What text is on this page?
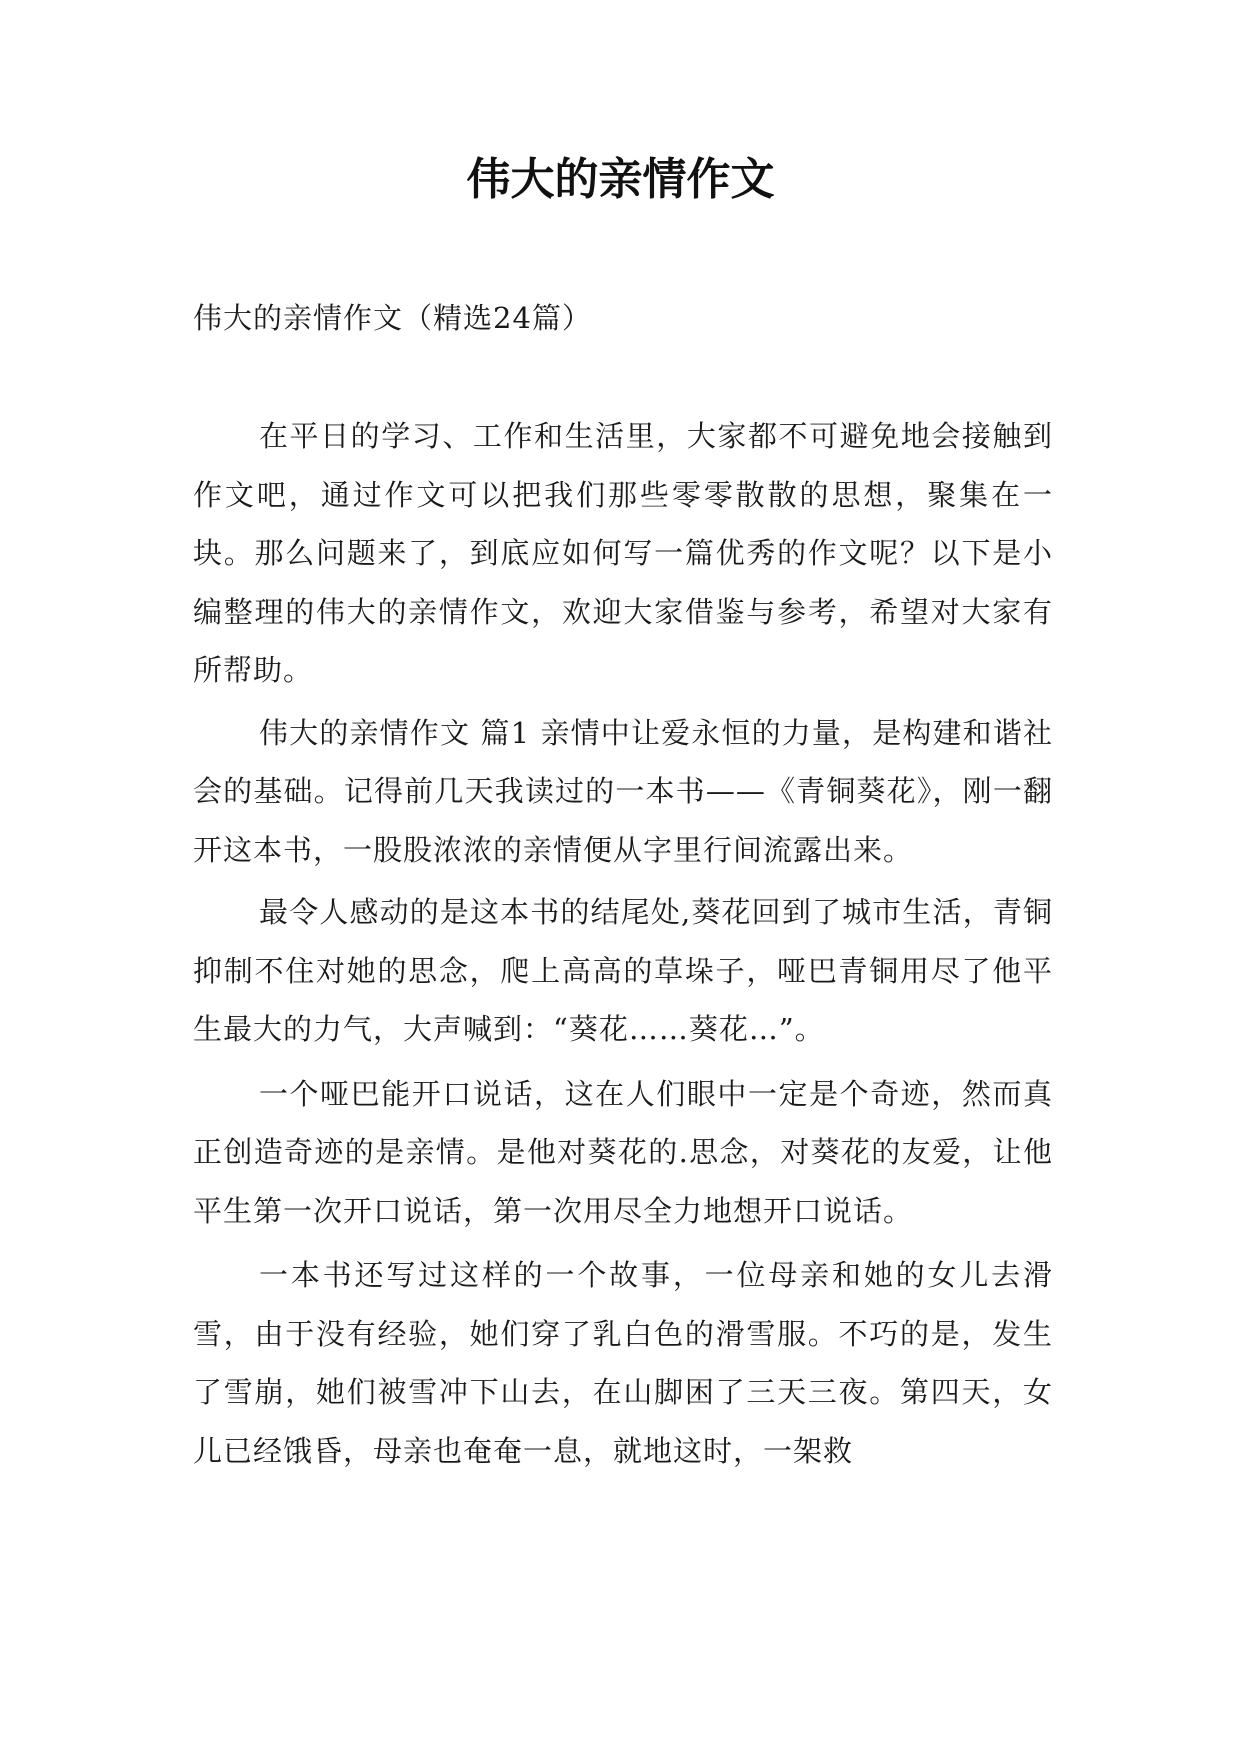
伟大的亲情作文
伟大的亲情作文（精选24篇）

在平日的学习、工作和生活里，大家都不可避免地会接触到作文吧，通过作文可以把我们那些零零散散的思想，聚集在一块。那么问题来了，到底应如何写一篇优秀的作文呢？以下是小编整理的伟大的亲情作文，欢迎大家借鉴与参考，希望对大家有所帮助。

伟大的亲情作文 篇1 亲情中让爱永恒的力量，是构建和谐社会的基础。记得前几天我读过的一本书——《青铜葵花》，刚一翻开这本书，一股股浓浓的亲情便从字里行间流露出来。

最令人感动的是这本书的结尾处,葵花回到了城市生活，青铜抑制不住对她的思念，爬上高高的草垛子，哑巴青铜用尽了他平生最大的力气，大声喊到：“葵花……葵花…”。

一个哑巴能开口说话，这在人们眼中一定是个奇迹，然而真正创造奇迹的是亲情。是他对葵花的.思念，对葵花的友爱，让他平生第一次开口说话，第一次用尽全力地想开口说话。

一本书还写过这样的一个故事，一位母亲和她的女儿去滑雪，由于没有经验，她们穿了乳白色的滑雪服。不巧的是，发生了雪崩，她们被雪冲下山去，在山脚困了三天三夜。第四天，女儿已经饿昏，母亲也奄奄一息，就地这时，一架救
